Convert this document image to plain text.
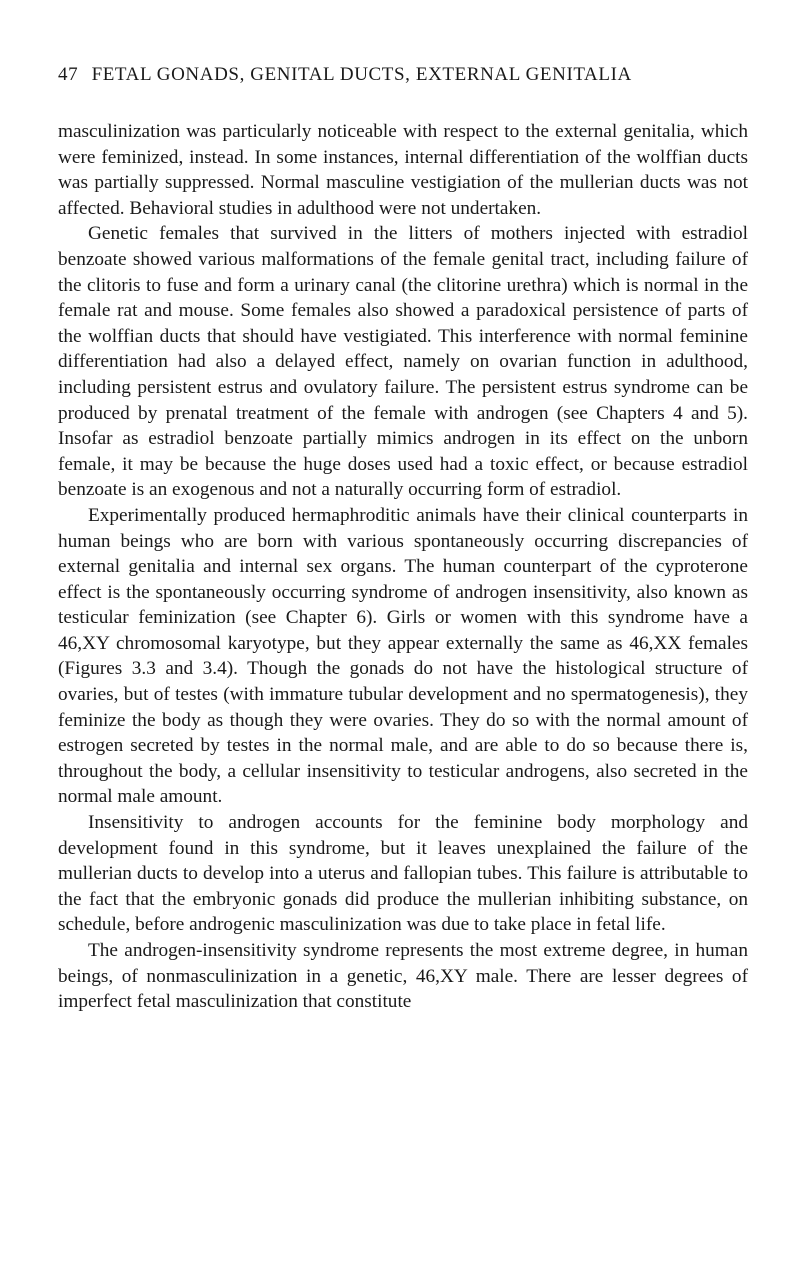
47 FETAL GONADS, GENITAL DUCTS, EXTERNAL GENITALIA

masculinization was particularly noticeable with respect to the external genitalia, which were feminized, instead. In some instances, internal differentiation of the wolffian ducts was partially suppressed. Normal masculine vestigiation of the mullerian ducts was not affected. Behavioral studies in adulthood were not undertaken.

Genetic females that survived in the litters of mothers injected with estradiol benzoate showed various malformations of the female genital tract, including failure of the clitoris to fuse and form a urinary canal (the clitorine urethra) which is normal in the female rat and mouse. Some females also showed a paradoxical persistence of parts of the wolffian ducts that should have vestigiated. This interference with normal feminine differentiation had also a delayed effect, namely on ovarian function in adulthood, including persistent estrus and ovulatory failure. The persistent estrus syndrome can be produced by prenatal treatment of the female with androgen (see Chapters 4 and 5). Insofar as estradiol benzoate partially mimics androgen in its effect on the unborn female, it may be because the huge doses used had a toxic effect, or because estradiol benzoate is an exogenous and not a naturally occurring form of estradiol.

Experimentally produced hermaphroditic animals have their clinical counterparts in human beings who are born with various spontaneously occurring discrepancies of external genitalia and internal sex organs. The human counterpart of the cyproterone effect is the spontaneously occurring syndrome of androgen insensitivity, also known as testicular feminization (see Chapter 6). Girls or women with this syndrome have a 46,XY chromosomal karyotype, but they appear externally the same as 46,XX females (Figures 3.3 and 3.4). Though the gonads do not have the histological structure of ovaries, but of testes (with immature tubular development and no spermatogenesis), they feminize the body as though they were ovaries. They do so with the normal amount of estrogen secreted by testes in the normal male, and are able to do so because there is, throughout the body, a cellular insensitivity to testicular androgens, also secreted in the normal male amount.

Insensitivity to androgen accounts for the feminine body morphology and development found in this syndrome, but it leaves unexplained the failure of the mullerian ducts to develop into a uterus and fallopian tubes. This failure is attributable to the fact that the embryonic gonads did produce the mullerian inhibiting substance, on schedule, before androgenic masculinization was due to take place in fetal life.

The androgen-insensitivity syndrome represents the most extreme degree, in human beings, of nonmasculinization in a genetic, 46,XY male. There are lesser degrees of imperfect fetal masculinization that constitute
